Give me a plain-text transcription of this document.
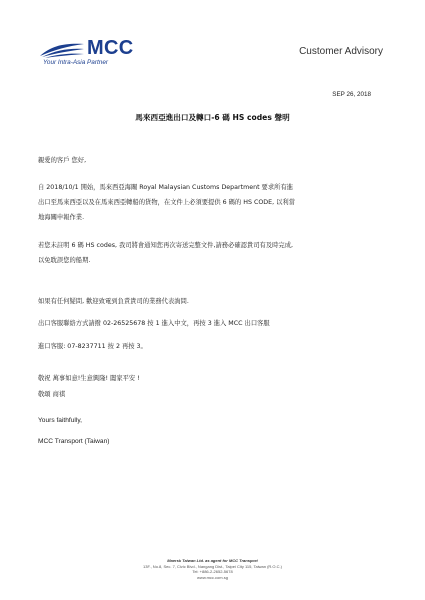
MCC
Your Intra-Asia Partner
Customer Advisory
SEP 26, 2018
馬來西亞進出口及轉口-6 碼 HS codes 聲明
親愛的客戶 您好,
自 2018/10/1 開始，馬來西亞海關 Royal Malaysian Customs Department 要求所有進
出口至馬來西亞以及在馬來西亞轉船的貨物，在文件上必須要提供 6 碼的 HS CODE, 以利當
地海關申報作業.
若您未註明 6 碼 HS codes, 我司將會通知您再次寄送完整文件,請務必確認貴司有及時完成,
以免耽誤您的船期.
如果有任何疑問, 歡迎致電到負責貴司的業務代表詢問.
出口客服聯絡方式請撥 02-26525678 按 1 進入中文，再按 3 進入 MCC 出口客服
進口客服: 07-8237711 按 2 再按 3。
敬祝 萬事如意!生意興隆! 闔家平安 !
敬頌 商祺
Yours faithfully,
MCC Transport (Taiwan)
Maersk Taiwan Ltd. as agent for MCC Transport
13F., No.8, Sec. 7, Civic Blvd., Nangang Dist., Taipei City 115, Taiwan (R.O.C.)
Tel: +886-2-2652-5678
www.mcc.com.sg
